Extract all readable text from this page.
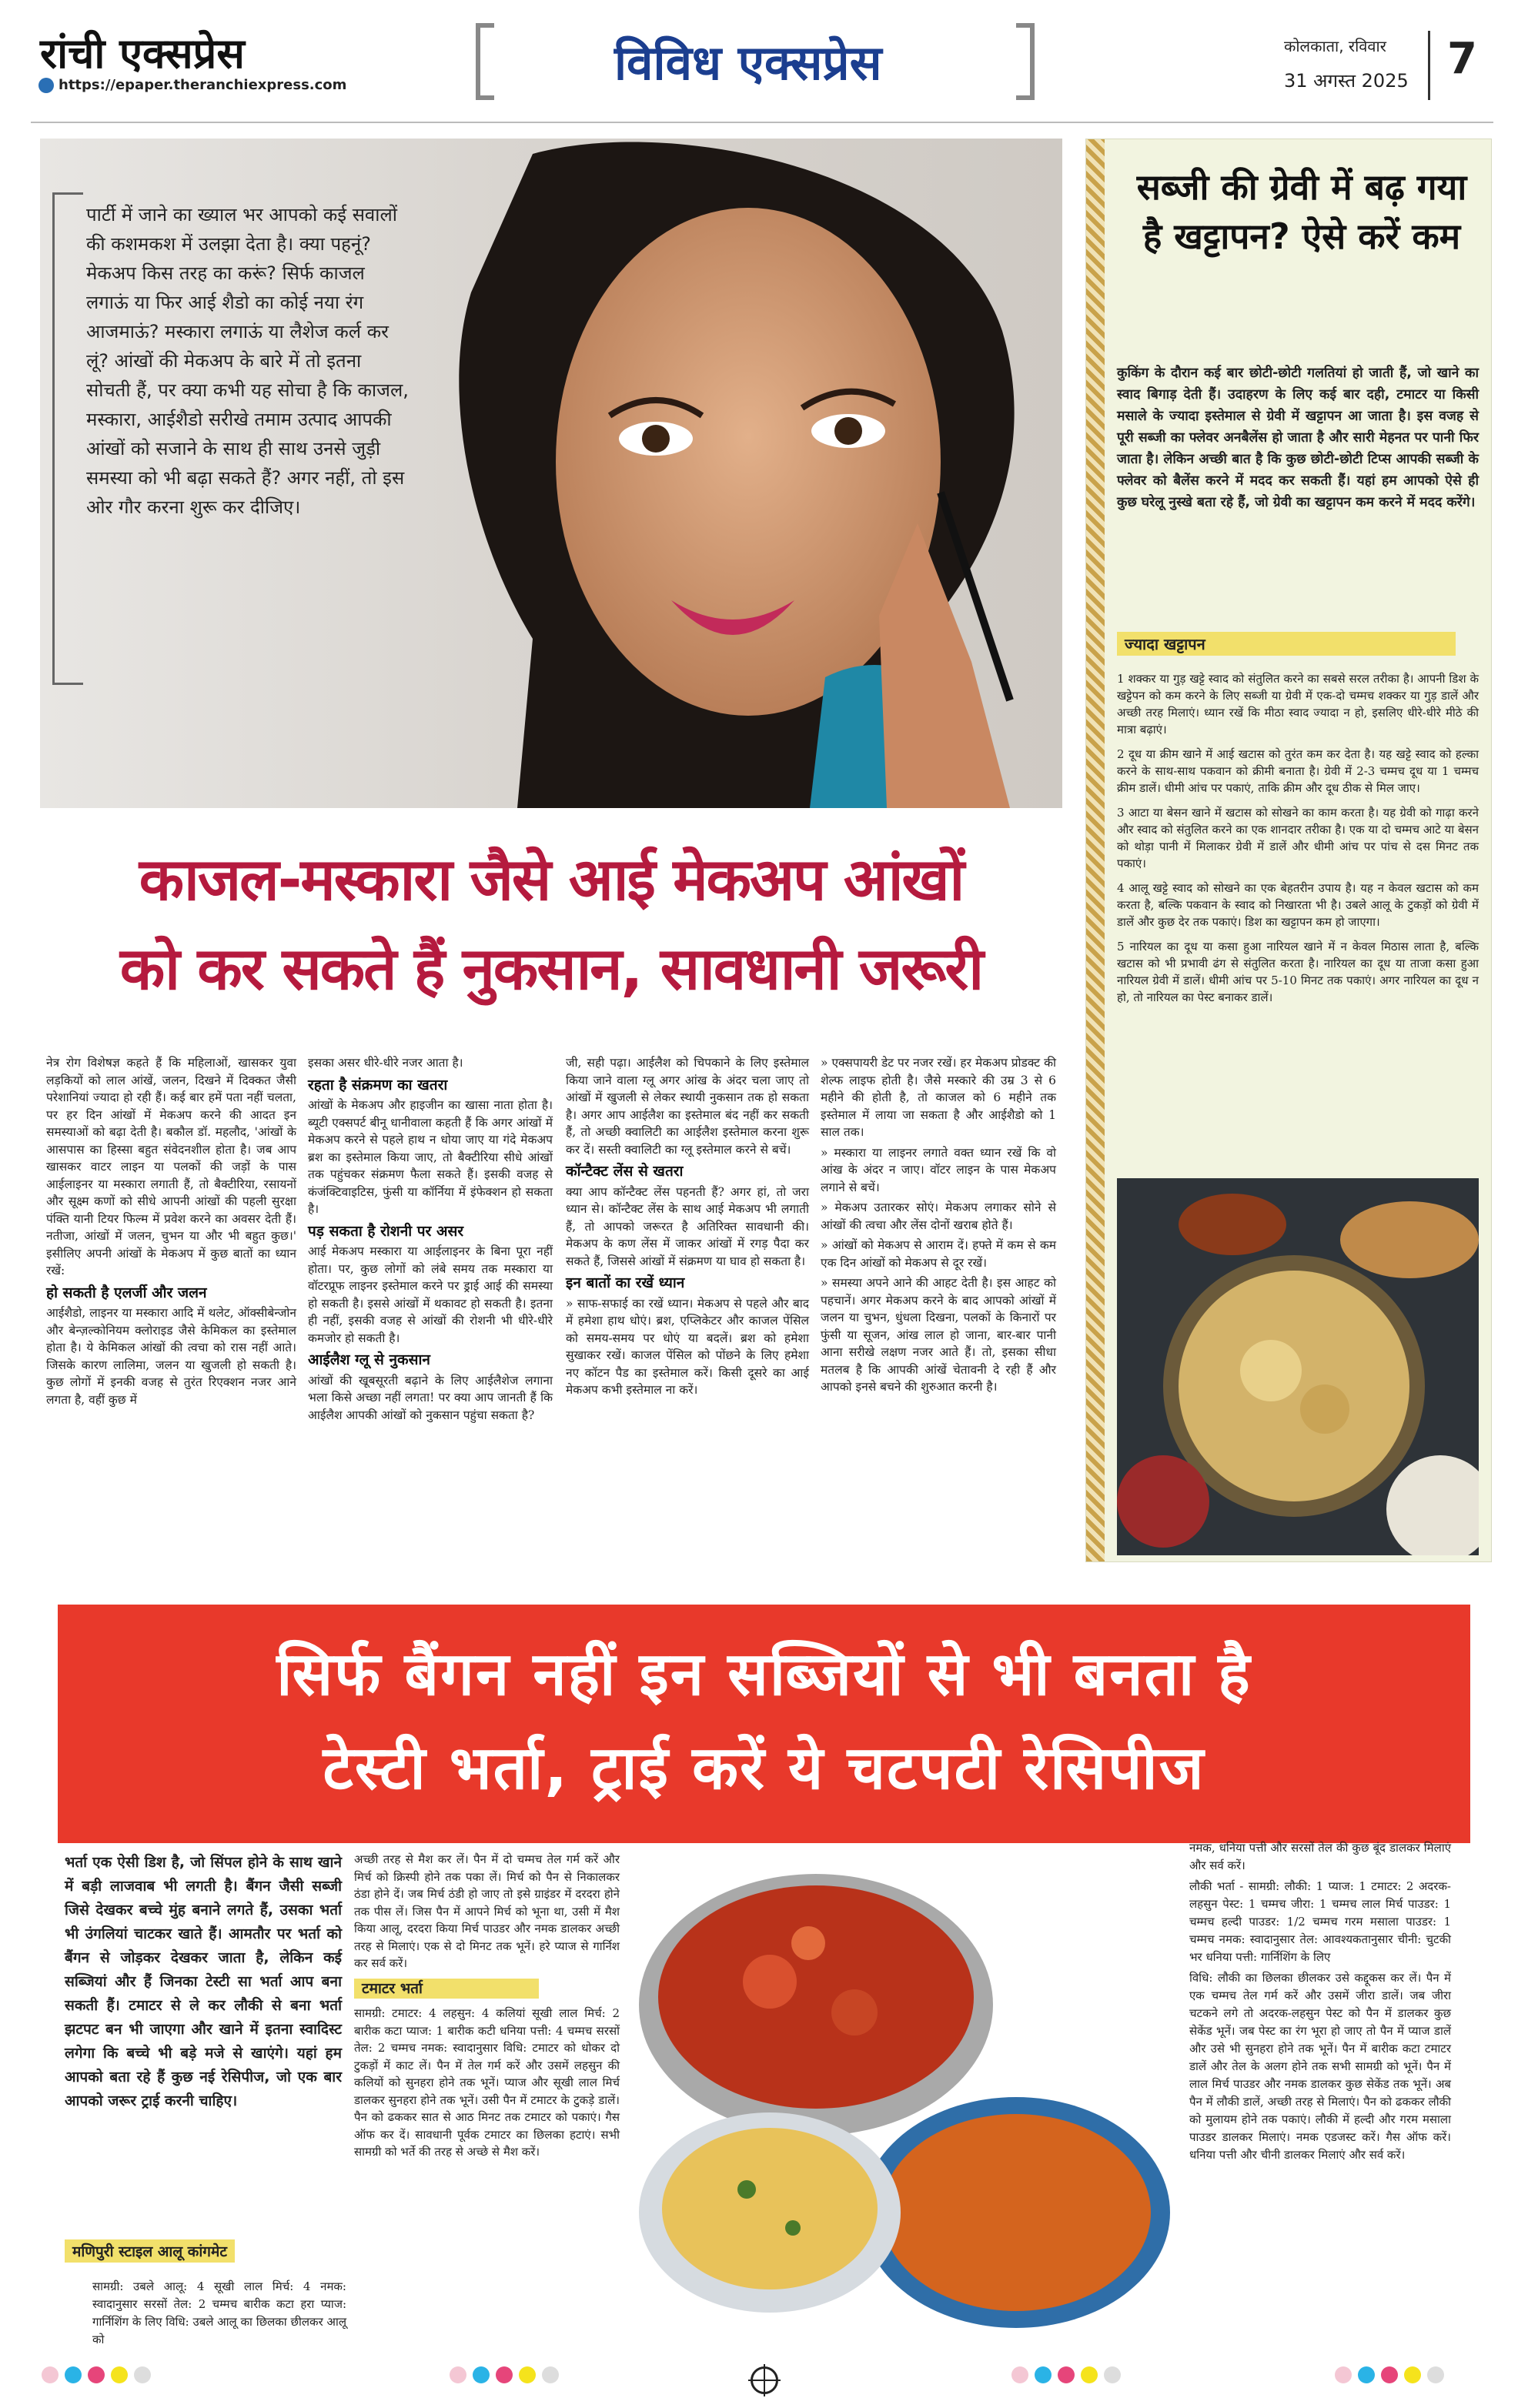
रांची एक्सप्रेस
https://epaper.theranchiexpress.com	विविध एक्सप्रेस	कोलकाता, रविवार
31 अगस्त 2025 7
पार्टी में जाने का ख्याल भर आपको कई सवालों की कशमकश में उलझा देता है। क्या पहनूं? मेकअप किस तरह का करूं? सिर्फ काजल लगाऊं या फिर आई शैडो का कोई नया रंग आजमाऊं? मस्कारा लगाऊं या लैशेज कर्ल कर लूं? आंखों की मेकअप के बारे में तो इतना सोचती हैं, पर क्या कभी यह सोचा है कि काजल, मस्कारा, आईशैडो सरीखे तमाम उत्पाद आपकी आंखों को सजाने के साथ ही साथ उनसे जुड़ी समस्या को भी बढ़ा सकते हैं? अगर नहीं, तो इस ओर गौर करना शुरू कर दीजिए।
काजल-मस्कारा जैसे आई मेकअप आंखों
को कर सकते हैं नुकसान, सावधानी जरूरी

नेत्र रोग विशेषज्ञ कहते हैं कि महिलाओं, खासकर युवा लड़कियों को लाल आंखें, जलन, दिखने में दिक्कत जैसी परेशानियां ज्यादा हो रही हैं। कई बार हमें पता नहीं चलता, पर हर दिन आंखों में मेकअप करने की आदत इन समस्याओं को बढ़ा देती है। बकौल डॉ. महलौद, 'आंखों के आसपास का हिस्सा बहुत संवेदनशील होता है। जब आप खासकर वाटर लाइन या पलकों की जड़ों के पास आईलाइनर या मस्कारा लगाती हैं, तो बैक्टीरिया, रसायनों और सूक्ष्म कणों को सीधे आपनी आंखों की पहली सुरक्षा पंक्ति यानी टियर फिल्म में प्रवेश करने का अवसर देती हैं। नतीजा, आंखों में जलन, चुभन या और भी बहुत कुछ।' इसीलिए अपनी आंखों के मेकअप में कुछ बातों का ध्यान रखें:

हो सकती है एलर्जी और जलन

आईशैडो, लाइनर या मस्कारा आदि में थलेट, ऑक्सीबेन्जोन और बेन्ज़ल्कोनियम क्लोराइड जैसे केमिकल का इस्तेमाल होता है। ये केमिकल आंखों की त्वचा को रास नहीं आते। जिसके कारण लालिमा, जलन या खुजली हो सकती है। कुछ लोगों में इनकी वजह से तुरंत रिएक्शन नजर आने लगता है, वहीं कुछ में

इसका असर धीरे-धीरे नजर आता है।

रहता है संक्रमण का खतरा

आंखों के मेकअप और हाइजीन का खासा नाता होता है। ब्यूटी एक्सपर्ट बीनू धानीवाला कहती हैं कि अगर आंखों में मेकअप करने से पहले हाथ न धोया जाए या गंदे मेकअप ब्रश का इस्तेमाल किया जाए, तो बैक्टीरिया सीधे आंखों तक पहुंचकर संक्रमण फैला सकते हैं। इसकी वजह से कंजंक्टिवाइटिस, फुंसी या कॉर्निया में इंफेक्शन हो सकता है।

पड़ सकता है रोशनी पर असर

आई मेकअप मस्कारा या आईलाइनर के बिना पूरा नहीं होता। पर, कुछ लोगों को लंबे समय तक मस्कारा या वॉटरप्रूफ लाइनर इस्तेमाल करने पर ड्राई आई की समस्या हो सकती है। इससे आंखों में थकावट हो सकती है। इतना ही नहीं, इसकी वजह से आंखों की रोशनी भी धीरे-धीरे कमजोर हो सकती है।

आईलैश ग्लू से नुकसान

आंखों की खूबसूरती बढ़ाने के लिए आईलैशेज लगाना भला किसे अच्छा नहीं लगता! पर क्या आप जानती हैं कि आईलैश आपकी आंखों को नुकसान पहुंचा सकता है?

जी, सही पढ़ा। आईलैश को चिपकाने के लिए इस्तेमाल किया जाने वाला ग्लू अगर आंख के अंदर चला जाए तो आंखों में खुजली से लेकर स्थायी नुकसान तक हो सकता है। अगर आप आईलैश का इस्तेमाल बंद नहीं कर सकती हैं, तो अच्छी क्वालिटी का आईलैश इस्तेमाल करना शुरू कर दें। सस्ती क्वालिटी का ग्लू इस्तेमाल करने से बचें।

कॉन्टैक्ट लेंस से खतरा

क्या आप कॉन्टैक्ट लेंस पहनती हैं? अगर हां, तो जरा ध्यान से। कॉन्टैक्ट लेंस के साथ आई मेकअप भी लगाती हैं, तो आपको जरूरत है अतिरिक्त सावधानी की। मेकअप के कण लेंस में जाकर आंखों में रगड़ पैदा कर सकते हैं, जिससे आंखों में संक्रमण या घाव हो सकता है।

इन बातों का रखें ध्यान

» साफ-सफाई का रखें ध्यान। मेकअप से पहले और बाद में हमेशा हाथ धोएं। ब्रश, एप्लिकेटर और काजल पेंसिल को समय-समय पर धोएं या बदलें। ब्रश को हमेशा सुखाकर रखें। काजल पेंसिल को पोंछने के लिए हमेशा नए कॉटन पैड का इस्तेमाल करें। किसी दूसरे का आई मेकअप कभी इस्तेमाल ना करें।

» एक्सपायरी डेट पर नजर रखें। हर मेकअप प्रोडक्ट की शेल्फ लाइफ होती है। जैसे मस्कारे की उम्र 3 से 6 महीने की होती है, तो काजल को 6 महीने तक इस्तेमाल में लाया जा सकता है और आईशैडो को 1 साल तक।

» मस्कारा या लाइनर लगाते वक्त ध्यान रखें कि वो आंख के अंदर न जाए। वॉटर लाइन के पास मेकअप लगाने से बचें।

» मेकअप उतारकर सोएं। मेकअप लगाकर सोने से आंखों की त्वचा और लेंस दोनों खराब होते हैं।

» आंखों को मेकअप से आराम दें। हफ्ते में कम से कम एक दिन आंखों को मेकअप से दूर रखें।

» समस्या अपने आने की आहट देती है। इस आहट को पहचानें। अगर मेकअप करने के बाद आपको आंखों में जलन या चुभन, धुंधला दिखना, पलकों के किनारों पर फुंसी या सूजन, आंख लाल हो जाना, बार-बार पानी आना सरीखे लक्षण नजर आते हैं। तो, इसका सीधा मतलब है कि आपकी आंखें चेतावनी दे रही हैं और आपको इनसे बचने की शुरुआत करनी है।

सब्जी की ग्रेवी में बढ़ गया है खट्टापन? ऐसे करें कम
कुकिंग के दौरान कई बार छोटी-छोटी गलतियां हो जाती हैं, जो खाने का स्वाद बिगाड़ देती हैं। उदाहरण के लिए कई बार दही, टमाटर या किसी मसाले के ज्यादा इस्तेमाल से ग्रेवी में खट्टापन आ जाता है। इस वजह से पूरी सब्जी का फ्लेवर अनबैलेंस हो जाता है और सारी मेहनत पर पानी फिर जाता है। लेकिन अच्छी बात है कि कुछ छोटी-छोटी टिप्स आपकी सब्जी के फ्लेवर को बैलेंस करने में मदद कर सकती हैं। यहां हम आपको ऐसे ही कुछ घरेलू नुस्खे बता रहे हैं, जो ग्रेवी का खट्टापन कम करने में मदद करेंगे।
ज्यादा खट्टापन

1 शक्कर या गुड़ खट्टे स्वाद को संतुलित करने का सबसे सरल तरीका है। आपनी डिश के खट्टेपन को कम करने के लिए सब्जी या ग्रेवी में एक-दो चम्मच शक्कर या गुड़ डालें और अच्छी तरह मिलाएं। ध्यान रखें कि मीठा स्वाद ज्यादा न हो, इसलिए धीरे-धीरे मीठे की मात्रा बढ़ाएं।

2 दूध या क्रीम खाने में आई खटास को तुरंत कम कर देता है। यह खट्टे स्वाद को हल्का करने के साथ-साथ पकवान को क्रीमी बनाता है। ग्रेवी में 2-3 चम्मच दूध या 1 चम्मच क्रीम डालें। धीमी आंच पर पकाएं, ताकि क्रीम और दूध ठीक से मिल जाए।

3 आटा या बेसन खाने में खटास को सोखने का काम करता है। यह ग्रेवी को गाढ़ा करने और स्वाद को संतुलित करने का एक शानदार तरीका है। एक या दो चम्मच आटे या बेसन को थोड़ा पानी में मिलाकर ग्रेवी में डालें और धीमी आंच पर पांच से दस मिनट तक पकाएं।

4 आलू खट्टे स्वाद को सोखने का एक बेहतरीन उपाय है। यह न केवल खटास को कम करता है, बल्कि पकवान के स्वाद को निखारता भी है। उबले आलू के टुकड़ों को ग्रेवी में डालें और कुछ देर तक पकाएं। डिश का खट्टापन कम हो जाएगा।

5 नारियल का दूध या कसा हुआ नारियल खाने में न केवल मिठास लाता है, बल्कि खटास को भी प्रभावी ढंग से संतुलित करता है। नारियल का दूध या ताजा कसा हुआ नारियल ग्रेवी में डालें। धीमी आंच पर 5-10 मिनट तक पकाएं। अगर नारियल का दूध न हो, तो नारियल का पेस्ट बनाकर डालें।

सिर्फ बैंगन नहीं इन सब्जियों से भी बनता है
टेस्टी भर्ता, ट्राई करें ये चटपटी रेसिपीज
भर्ता एक ऐसी डिश है, जो सिंपल होने के साथ खाने में बड़ी लाजवाब भी लगती है। बैंगन जैसी सब्जी जिसे देखकर बच्चे मुंह बनाने लगते हैं, उसका भर्ता भी उंगलियां चाटकर खाते हैं। आमतौर पर भर्ता को बैंगन से जोड़कर देखकर जाता है, लेकिन कई सब्जियां और हैं जिनका टेस्टी सा भर्ता आप बना सकती हैं। टमाटर से ले कर लौकी से बना भर्ता झटपट बन भी जाएगा और खाने में इतना स्वादिस्ट लगेगा कि बच्चे भी बड़े मजे से खाएंगे। यहां हम आपको बता रहे हैं कुछ नई रेसिपीज, जो एक बार आपको जरूर ट्राई करनी चाहिए।
मणिपुरी स्टाइल आलू कांगमेट
सामग्री: उबले आलू: 4 सूखी लाल मिर्च: 4 नमक: स्वादानुसार सरसों तेल: 2 चम्मच बारीक कटा हरा प्याज: गार्निशिंग के लिए विधि: उबले आलू का छिलका छीलकर आलू को

अच्छी तरह से मैश कर लें। पैन में दो चम्मच तेल गर्म करें और मिर्च को क्रिस्पी होने तक पका लें। मिर्च को पैन से निकालकर ठंडा होने दें। जब मिर्च ठंडी हो जाए तो इसे ग्राइंडर में दरदरा होने तक पीस लें। जिस पैन में आपने मिर्च को भूना था, उसी में मैश किया आलू, दरदरा किया मिर्च पाउडर और नमक डालकर अच्छी तरह से मिलाएं। एक से दो मिनट तक भूनें। हरे प्याज से गार्निश कर सर्व करें।

टमाटर भर्ता

सामग्री: टमाटर: 4 लहसुन: 4 कलियां सूखी लाल मिर्च: 2 बारीक कटा प्याज: 1 बारीक कटी धनिया पत्ती: 4 चम्मच सरसों तेल: 2 चम्मच नमक: स्वादानुसार विधि: टमाटर को धोकर दो टुकड़ों में काट लें। पैन में तेल गर्म करें और उसमें लहसुन की कलियों को सुनहरा होने तक भूनें। प्याज और सूखी लाल मिर्च डालकर सुनहरा होने तक भूनें। उसी पैन में टमाटर के टुकड़े डालें। पैन को ढककर सात से आठ मिनट तक टमाटर को पकाएं। गैस ऑफ कर दें। सावधानी पूर्वक टमाटर का छिलका हटाएं। सभी सामग्री को भर्ते की तरह से अच्छे से मैश करें।

नमक, धनिया पत्ती और सरसों तेल की कुछ बूंद डालकर मिलाएं और सर्व करें।

लौकी भर्ता - सामग्री: लौकी: 1 प्याज: 1 टमाटर: 2 अदरक-लहसुन पेस्ट: 1 चम्मच जीरा: 1 चम्मच लाल मिर्च पाउडर: 1 चम्मच हल्दी पाउडर: 1/2 चम्मच गरम मसाला पाउडर: 1 चम्मच नमक: स्वादानुसार तेल: आवश्यकतानुसार चीनी: चुटकी भर धनिया पत्ती: गार्निशिंग के लिए

विधि: लौकी का छिलका छीलकर उसे कद्दूकस कर लें। पैन में एक चम्मच तेल गर्म करें और उसमें जीरा डालें। जब जीरा चटकने लगे तो अदरक-लहसुन पेस्ट को पैन में डालकर कुछ सेकेंड भूनें। जब पेस्ट का रंग भूरा हो जाए तो पैन में प्याज डालें और उसे भी सुनहरा होने तक भूनें। पैन में बारीक कटा टमाटर डालें और तेल के अलग होने तक सभी सामग्री को भूनें। पैन में लाल मिर्च पाउडर और नमक डालकर कुछ सेकेंड तक भूनें। अब पैन में लौकी डालें, अच्छी तरह से मिलाएं। पैन को ढककर लौकी को मुलायम होने तक पकाएं। लौकी में हल्दी और गरम मसाला पाउडर डालकर मिलाएं। नमक एडजस्ट करें। गैस ऑफ करें। धनिया पत्ती और चीनी डालकर मिलाएं और सर्व करें।
